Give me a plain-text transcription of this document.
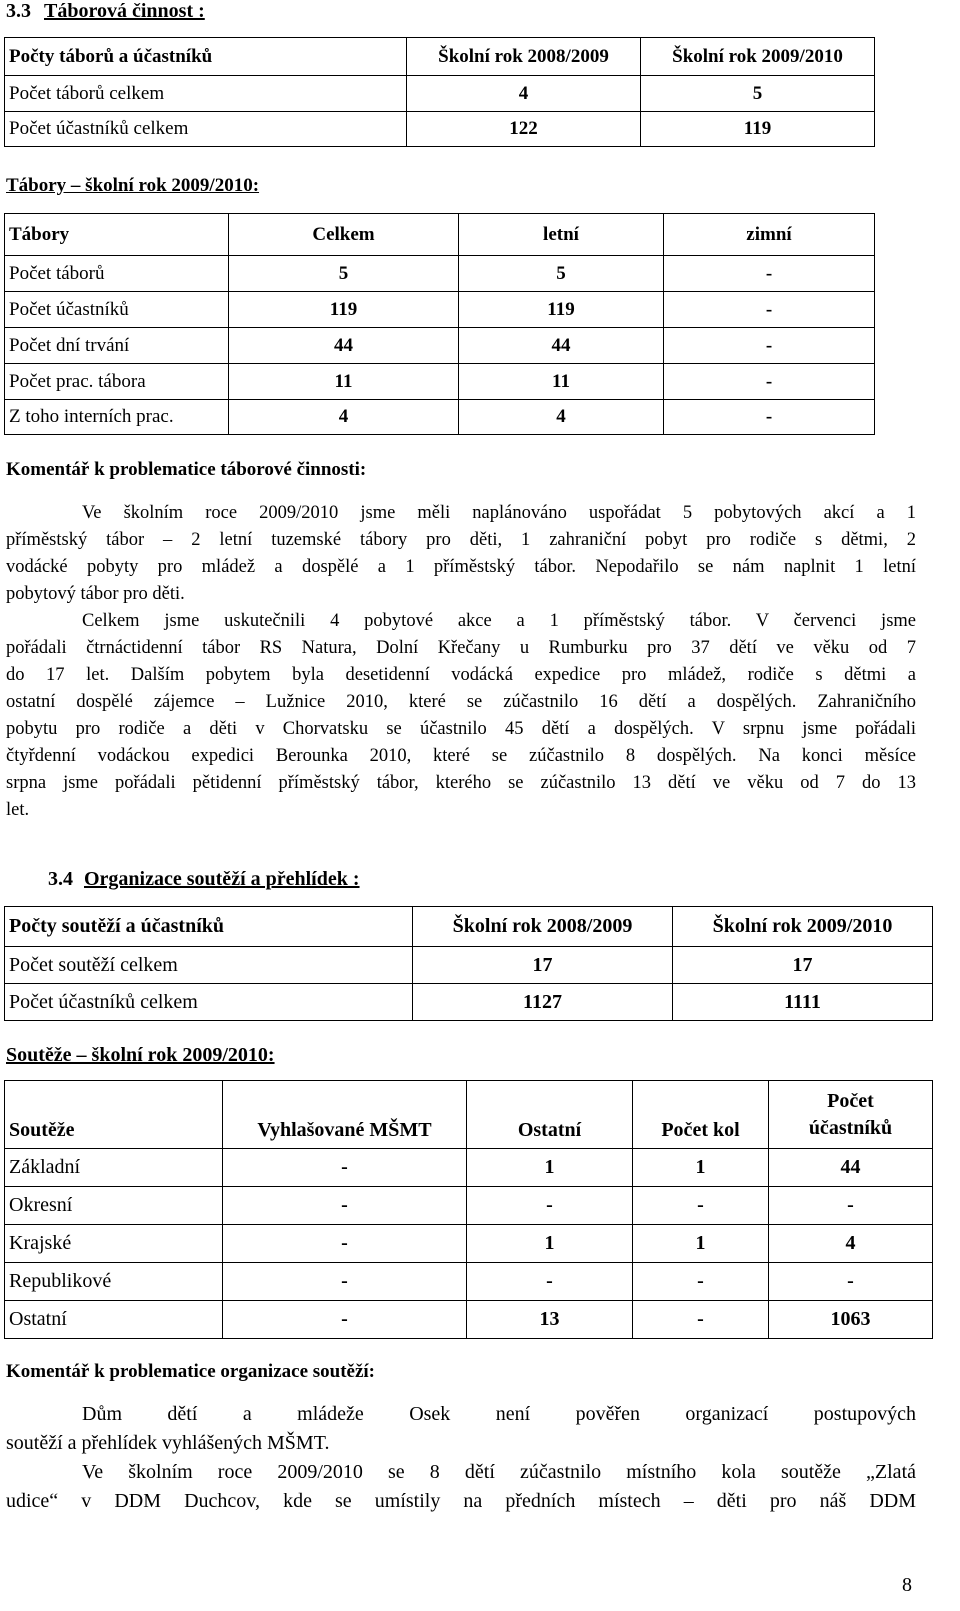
3.3 Táborová činnost :
Počty táborů a účastníků	Školní rok 2008/2009	Školní rok 2009/2010
Počet táborů celkem	4	5
Počet účastníků celkem	122	119
Tábory – školní rok 2009/2010:
Tábory	Celkem	letní	zimní
Počet táborů	5	5	-
Počet účastníků	119	119	-
Počet dní trvání	44	44	-
Počet prac. tábora	11	11	-
Z toho interních prac.	4	4	-
Komentář k problematice táborové činnosti:
Ve školním roce 2009/2010 jsme měli naplánováno uspořádat 5 pobytových akcí a 1
příměstský tábor – 2 letní tuzemské tábory pro děti, 1 zahraniční pobyt pro rodiče s dětmi, 2
vodácké pobyty pro mládež a dospělé a 1 příměstský tábor. Nepodařilo se nám naplnit 1 letní
pobytový tábor pro děti.
Celkem jsme uskutečnili 4 pobytové akce a 1 příměstský tábor. V červenci jsme
pořádali čtrnáctidenní tábor RS Natura, Dolní Křečany u Rumburku pro 37 dětí ve věku od 7
do 17 let. Dalším pobytem byla desetidenní vodácká expedice pro mládež, rodiče s dětmi a
ostatní dospělé zájemce – Lužnice 2010, které se zúčastnilo 16 dětí a dospělých. Zahraničního
pobytu pro rodiče a děti v Chorvatsku se účastnilo 45 dětí a dospělých. V srpnu jsme pořádali
čtyřdenní vodáckou expedici Berounka 2010, které se zúčastnilo 8 dospělých. Na konci měsíce
srpna jsme pořádali pětidenní příměstský tábor, kterého se zúčastnilo 13 dětí ve věku od 7 do 13
let.
3.4 Organizace soutěží a přehlídek :
Počty soutěží a účastníků	Školní rok 2008/2009	Školní rok 2009/2010
Počet soutěží celkem	17	17
Počet účastníků celkem	1127	1111
Soutěže – školní rok 2009/2010:
Soutěže	Vyhlašované MŠMT	Ostatní	Počet kol	Počet
účastníků

Základní	-	1	1	44
Okresní	-	-	-	-
Krajské	-	1	1	4
Republikové	-	-	-	-
Ostatní	-	13	-	1063
Komentář k problematice organizace soutěží:
Dům dětí a mládeže Osek není pověřen organizací postupových
soutěží a přehlídek vyhlášených MŠMT.
Ve školním roce 2009/2010 se 8 dětí zúčastnilo místního kola soutěže „Zlatá
udice“ v DDM Duchcov, kde se umístily na předních místech – děti pro náš DDM
8
